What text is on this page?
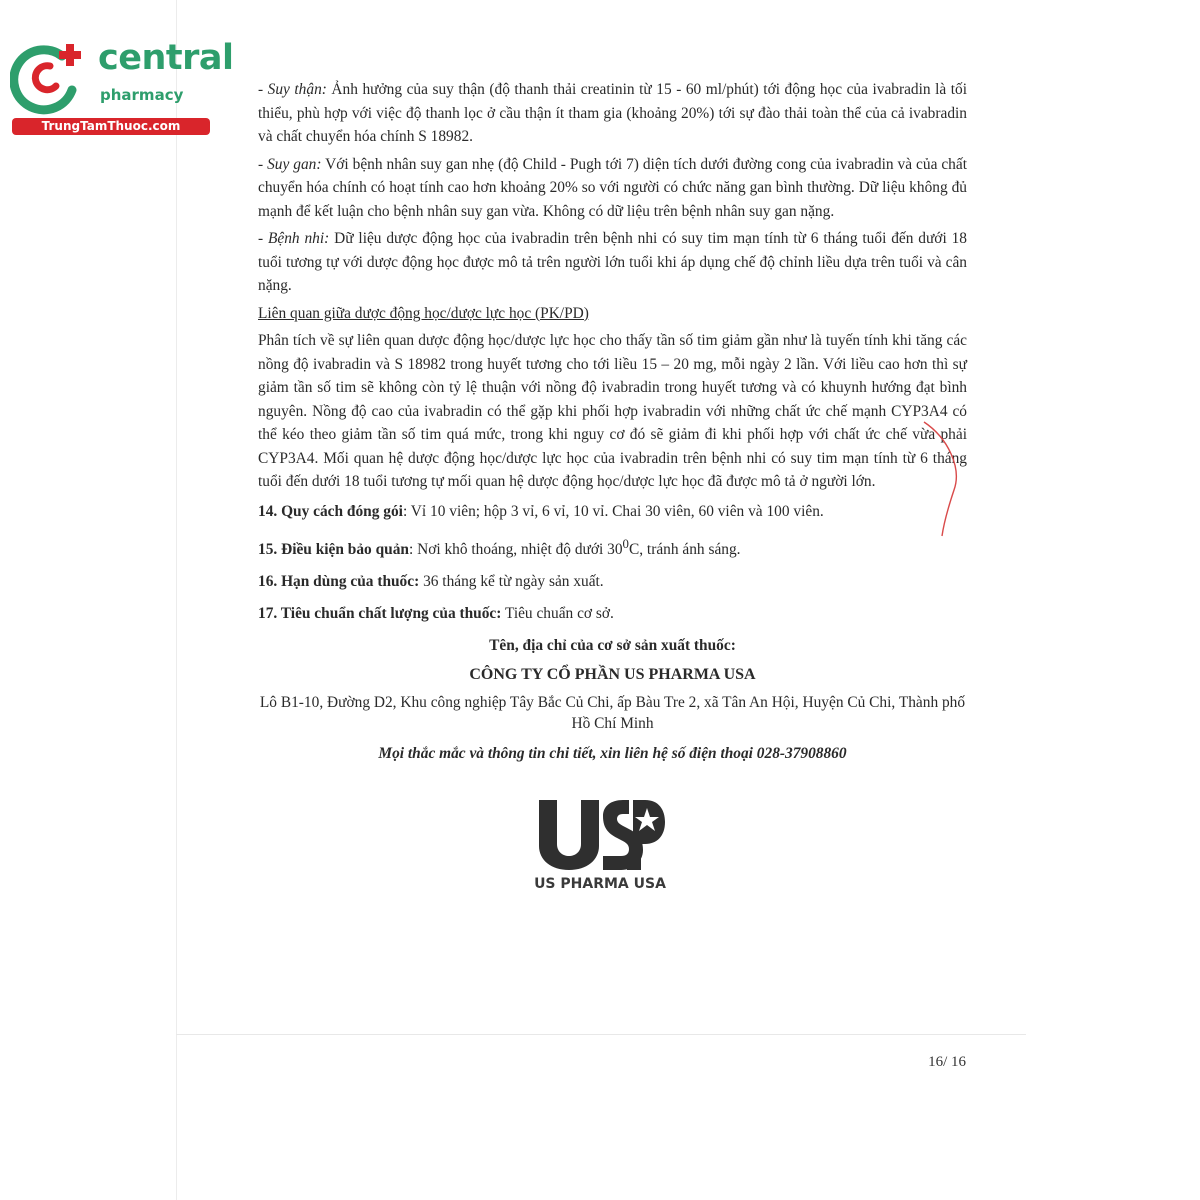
central
pharmacy
TrungTamThuoc.com

- Suy thận: Ảnh hưởng của suy thận (độ thanh thải creatinin từ 15 - 60 ml/phút) tới động học của ivabradin là tối thiểu, phù hợp với việc độ thanh lọc ở cầu thận ít tham gia (khoảng 20%) tới sự đào thải toàn thể của cả ivabradin và chất chuyển hóa chính S 18982.

- Suy gan: Với bệnh nhân suy gan nhẹ (độ Child - Pugh tới 7) diện tích dưới đường cong của ivabradin và của chất chuyển hóa chính có hoạt tính cao hơn khoảng 20% so với người có chức năng gan bình thường. Dữ liệu không đủ mạnh để kết luận cho bệnh nhân suy gan vừa. Không có dữ liệu trên bệnh nhân suy gan nặng.

- Bệnh nhi: Dữ liệu dược động học của ivabradin trên bệnh nhi có suy tim mạn tính từ 6 tháng tuổi đến dưới 18 tuổi tương tự với dược động học được mô tả trên người lớn tuổi khi áp dụng chế độ chỉnh liều dựa trên tuổi và cân nặng.

Liên quan giữa dược động học/dược lực học (PK/PD)

Phân tích về sự liên quan dược động học/dược lực học cho thấy tần số tim giảm gần như là tuyến tính khi tăng các nồng độ ivabradin và S 18982 trong huyết tương cho tới liều 15 – 20 mg, mỗi ngày 2 lần. Với liều cao hơn thì sự giảm tần số tim sẽ không còn tỷ lệ thuận với nồng độ ivabradin trong huyết tương và có khuynh hướng đạt bình nguyên. Nồng độ cao của ivabradin có thể gặp khi phối hợp ivabradin với những chất ức chế mạnh CYP3A4 có thể kéo theo giảm tần số tim quá mức, trong khi nguy cơ đó sẽ giảm đi khi phối hợp với chất ức chế vừa phải CYP3A4. Mối quan hệ dược động học/dược lực học của ivabradin trên bệnh nhi có suy tim mạn tính từ 6 tháng tuổi đến dưới 18 tuổi tương tự mối quan hệ dược động học/dược lực học đã được mô tả ở người lớn.

14. Quy cách đóng gói: Vỉ 10 viên; hộp 3 vỉ, 6 vỉ, 10 vỉ. Chai 30 viên, 60 viên và 100 viên.

15. Điều kiện bảo quản: Nơi khô thoáng, nhiệt độ dưới $30^0C$, tránh ánh sáng.

16. Hạn dùng của thuốc: 36 tháng kể từ ngày sản xuất.

17. Tiêu chuẩn chất lượng của thuốc: Tiêu chuẩn cơ sở.

Tên, địa chỉ của cơ sở sản xuất thuốc:

CÔNG TY CỔ PHẦN US PHARMA USA

Lô B1-10, Đường D2, Khu công nghiệp Tây Bắc Củ Chi, ấp Bàu Tre 2, xã Tân An Hội, Huyện Củ Chi, Thành phố Hồ Chí Minh

Mọi thắc mắc và thông tin chi tiết, xin liên hệ số điện thoại 028-37908860

US PHARMA USA
16/ 16
